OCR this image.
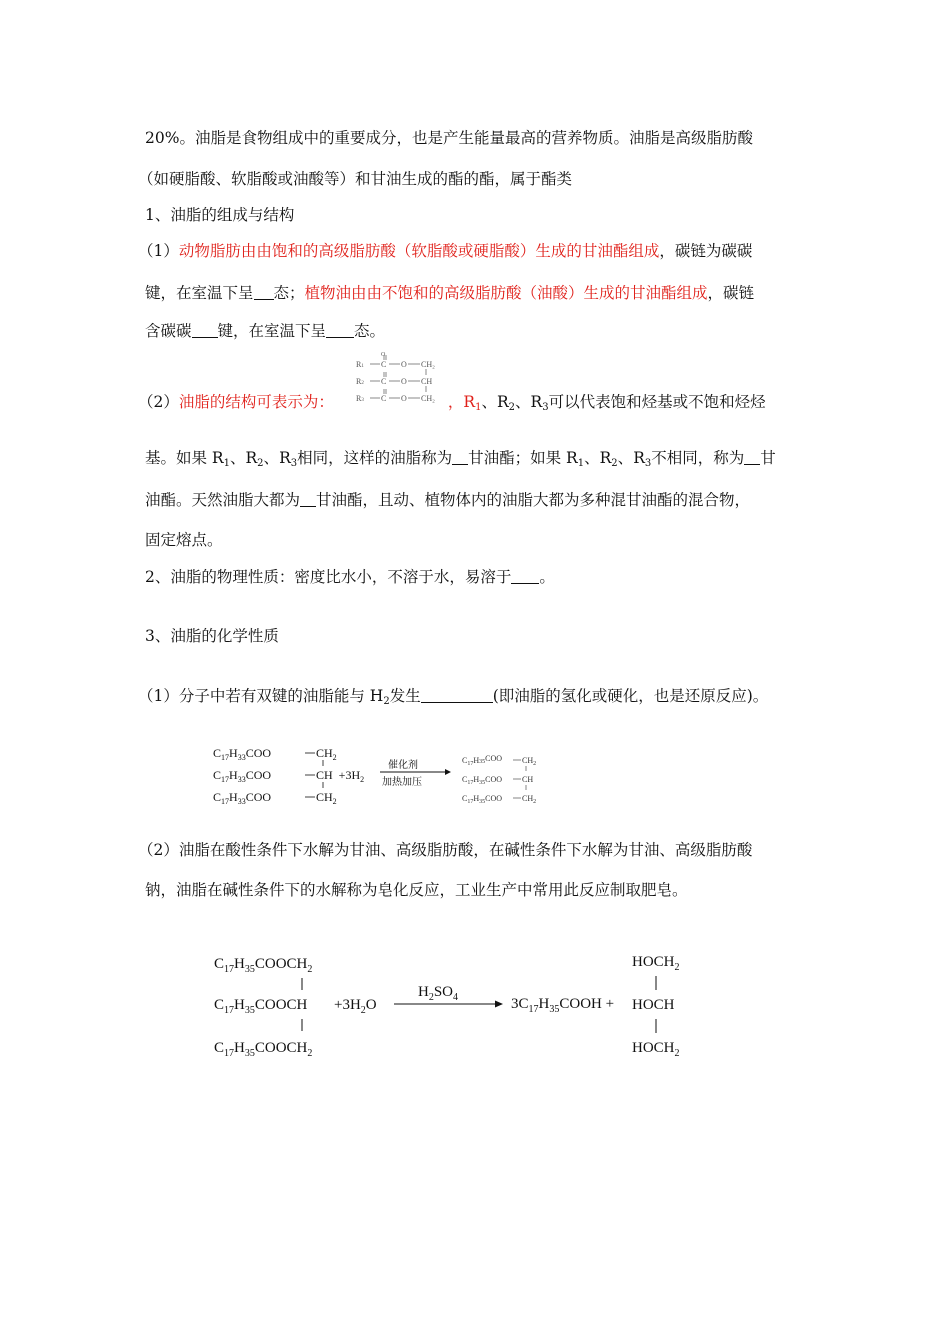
20%。油脂是食物组成中的重要成分，也是产生能量最高的营养物质。油脂是高级脂肪酸
（如硬脂酸、软脂酸或油酸等）和甘油生成的酯的酯，属于酯类
1、油脂的组成与结构
（1）动物脂肪由由饱和的高级脂肪酸（软脂酸或硬脂酸）生成的甘油酯组成，碳链为碳碳
键，在室温下呈 态；植物油由由不饱和的高级脂肪酸（油酸）生成的甘油酯组成，碳链
含碳碳 键，在室温下呈 态。
R1 C
O
O CH₂
R2 C O CH
R3 C O CH₂
（2）油脂的结构可表示为：	，$R_1$、$R_2$、$R_3$可以代表饱和烃基或不饱和烃烃
基。如果 $R_1$、$R_2$、$R_3$相同，这样的油脂称为 甘油酯；如果 $R_1$、$R_2$、$R_3$不相同，称为 甘
油酯。天然油脂大都为 甘油酯，且动、植物体内的油脂大都为多种混甘油酯的混合物，
固定熔点。
2、油脂的物理性质：密度比水小，不溶于水，易溶于 。
3、油脂的化学性质
（1）分子中若有双键的油脂能与 $H_2$发生	(即油脂的氢化或硬化，也是还原反应)。
$C_{17}H_{33}COO$	$CH_2$
$C_{17}H_{33}COO$	CH $+3H_2$
$C_{17}H_{33}COO$	$CH_2$
催化剂
加热加压
$C_{17}H35COO$ $CH_2$
$C_{17}H_{35}COO$ CH
$C_{17}H_{35}COO$ $CH_2$
（2）油脂在酸性条件下水解为甘油、高级脂肪酸，在碱性条件下水解为甘油、高级脂肪酸
钠，油脂在碱性条件下的水解称为皂化反应，工业生产中常用此反应制取肥皂。
$C_{17}H_{35}COOCH_2$
$C_{17}H_{35}COOCH$
$C_{17}H_{35}COOCH_2$
$+3H_2O$
$H_2SO_4$	$3C_{17}H_{35}COOH$ +
$HOCH_2$
HOCH
$HOCH_2$
